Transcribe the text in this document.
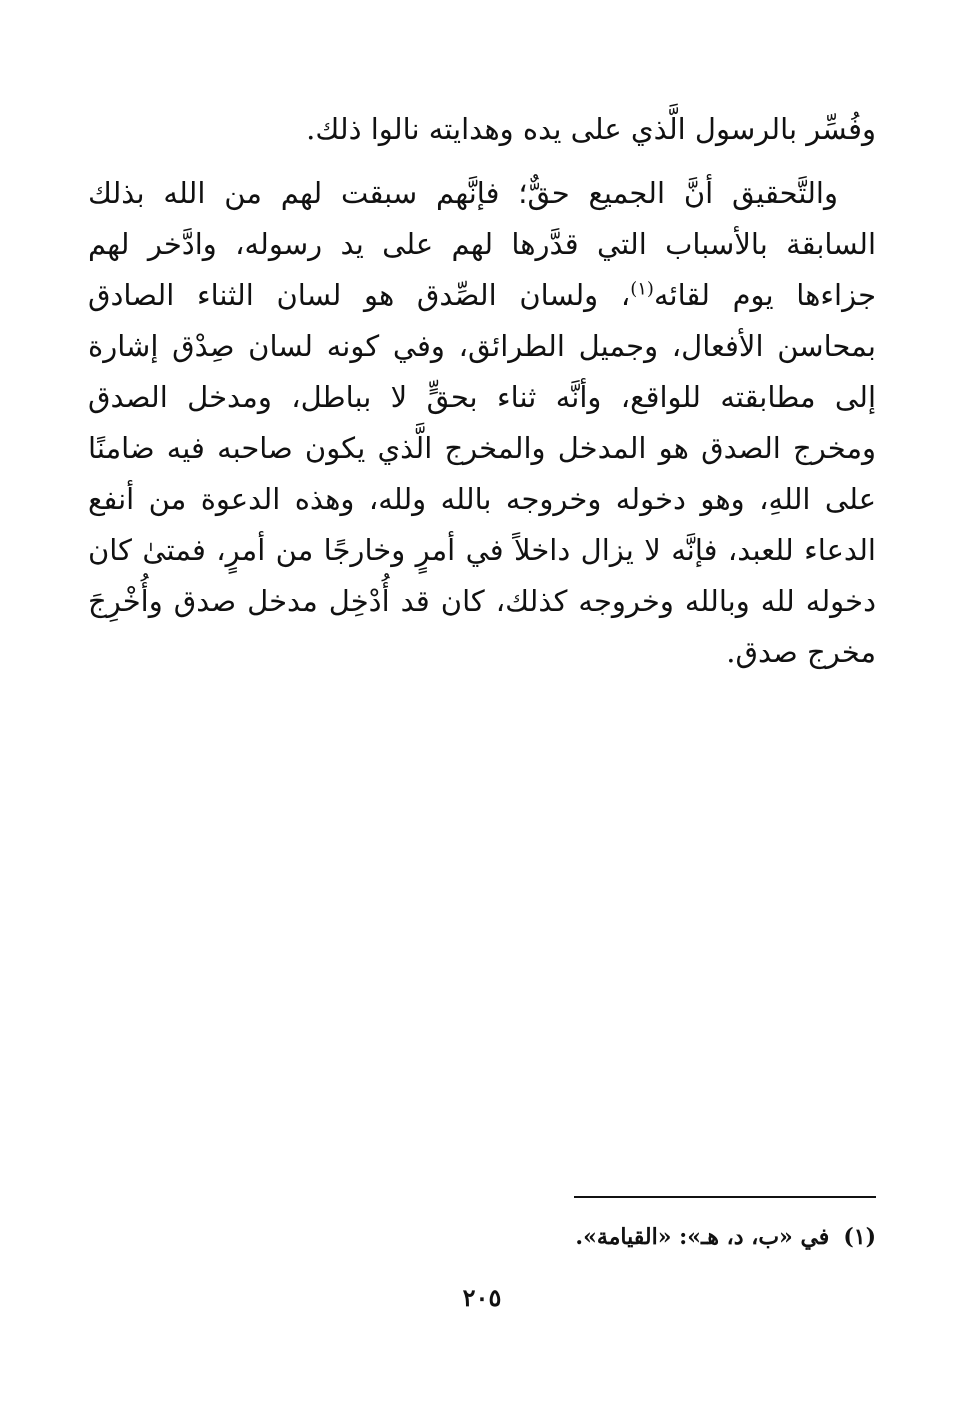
وفُسِّر بالرسول الَّذي على يده وهدايته نالوا ذلك.

والتَّحقيق أنَّ الجميع حقٌّ؛ فإنَّهم سبقت لهم من الله بذلك السابقة بالأسباب التي قدَّرها لهم على يد رسوله، وادَّخر لهم جزاءها يوم لقائه$^{(١)}$، ولسان الصِّدق هو لسان الثناء الصادق بمحاسن الأفعال، وجميل الطرائق، وفي كونه لسان صِدْق إشارة إلى مطابقته للواقع، وأنَّه ثناء بحقٍّ لا بباطل، ومدخل الصدق ومخرج الصدق هو المدخل والمخرج الَّذي يكون صاحبه فيه ضامنًا على اللهِ، وهو دخوله وخروجه بالله ولله، وهذه الدعوة من أنفع الدعاء للعبد، فإنَّه لا يزال داخلاً في أمرٍ وخارجًا من أمرٍ، فمتىٰ كان دخوله لله وبالله وخروجه كذلك، كان قد أُدْخِل مدخل صدق وأُخْرِجَ مخرج صدق.

(١)في «ب، د، هـ»: «القيامة».
٢٠٥
